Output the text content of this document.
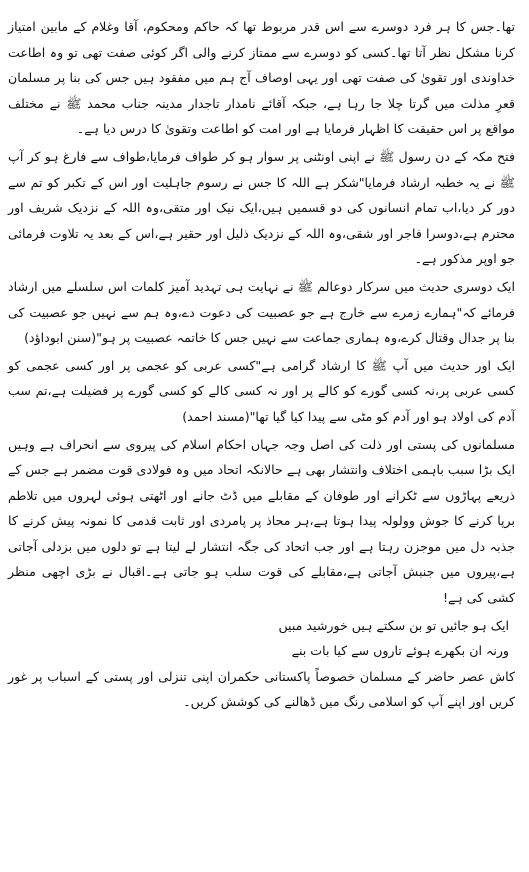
تھا۔جس کا ہر فرد دوسرے سے اس قدر مربوط تھا کہ حاکم ومحکوم، آقا وغلام کے مابین امتیاز کرنا مشکل نظر آتا تھا۔کسی کو دوسرے سے ممتاز کرنے والی اگر کوئی صفت تھی تو وہ اطاعت خداوندی اور تقویٰ کی صفت تھی اور یہی اوصاف آج ہم میں مفقود ہیں جس کی بنا پر مسلمان قعرِ مذلت میں گرتا چلا جا رہا ہے، جبکہ آقائے نامدار تاجدار مدینہ جناب محمد ﷺ نے مختلف مواقع پر اس حقیقت کا اظہار فرمایا ہے اور امت کو اطاعت وتقویٰ کا درس دیا ہے۔

فتح مکہ کے دن رسول ﷺ نے اپنی اونٹنی پر سوار ہو کر طواف فرمایا،طواف سے فارغ ہو کر آپ ﷺ نے یہ خطبہ ارشاد فرمایا"شکر ہے اللہ کا جس نے رسوم جاہلیت اور اس کے تکبر کو تم سے دور کر دیا،اب تمام انسانوں کی دو قسمیں ہیں،ایک نیک اور متقی،وہ اللہ کے نزدیک شریف اور محترم ہے،دوسرا فاجر اور شقی،وہ اللہ کے نزدیک ذلیل اور حقیر ہے،اس کے بعد یہ تلاوت فرمائی جو اوپر مذکور ہے۔

ایک دوسری حدیث میں سرکار دوعالم ﷺ نے نہایت ہی تہدید آمیز کلمات اس سلسلے میں ارشاد فرمائے کہ"ہمارے زمرے سے خارج ہے جو عصبیت کی دعوت دے،وہ ہم سے نہیں جو عصبیت کی بنا پر جدال وقتال کرے،وہ ہماری جماعت سے نہیں جس کا خاتمہ عصبیت پر ہو"(سنن ابوداؤد)

ایک اور حدیث میں آپ ﷺ کا ارشاد گرامی ہے"کسی عربی کو عجمی پر اور کسی عجمی کو کسی عربی پر،نہ کسی گورے کو کالے پر اور نہ کسی کالے کو کسی گورے پر فضیلت ہے،تم سب آدم کی اولاد ہو اور آدم کو مٹی سے پیدا کیا گیا تھا"(مسند احمد)

مسلمانوں کی پستی اور ذلت کی اصل وجہ جہاں احکام اسلام کی پیروی سے انحراف ہے وہیں ایک بڑا سبب باہمی اختلاف وانتشار بھی ہے حالانکہ اتحاد میں وہ فولادی قوت مضمر ہے جس کے ذریعے پہاڑوں سے ٹکرانے اور طوفان کے مقابلے میں ڈٹ جانے اور اٹھتی ہوئی لہروں میں تلاطم برپا کرنے کا جوش وولولہ پیدا ہوتا ہے،ہر محاذ پر پامردی اور ثابت قدمی کا نمونہ پیش کرنے کا جذبہ دل میں موجزن رہتا ہے اور جب اتحاد کی جگہ انتشار لے لیتا ہے تو دلوں میں بزدلی آجاتی ہے،پیروں میں جنبش آجاتی ہے،مقابلے کی قوت سلب ہو جاتی ہے۔اقبال نے بڑی اچھی منظر کشی کی ہے!

ایک ہو جائیں تو بن سکتے ہیں خورشید مبیں
ورنہ ان بکھرے ہوئے تاروں سے کیا بات بنے

کاش عصر حاضر کے مسلمان خصوصاً پاکستانی حکمران اپنی تنزلی اور پستی کے اسباب پر غور کریں اور اپنے آپ کو اسلامی رنگ میں ڈھالنے کی کوشش کریں۔
